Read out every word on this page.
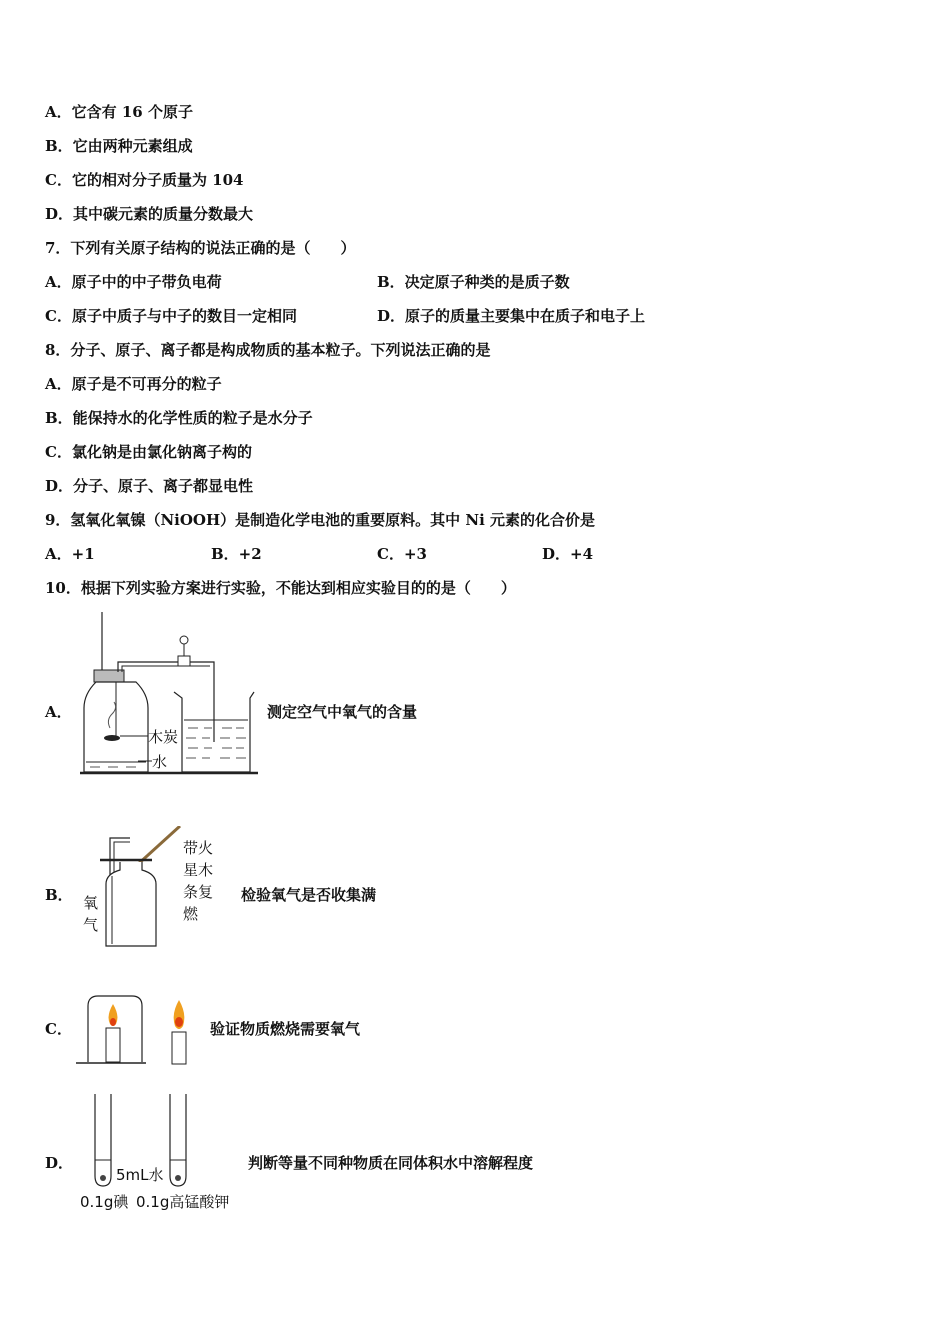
A．它含有 16 个原子
B．它由两种元素组成
C．它的相对分子质量为 104
D．其中碳元素的质量分数最大
7．下列有关原子结构的说法正确的是（　　）
A．原子中的中子带负电荷	B．决定原子种类的是质子数
C．原子中质子与中子的数目一定相同	D．原子的质量主要集中在质子和电子上
8．分子、原子、离子都是构成物质的基本粒子。下列说法正确的是
A．原子是不可再分的粒子
B．能保持水的化学性质的粒子是水分子
C．氯化钠是由氯化钠离子构的
D．分子、原子、离子都显电性
9．氢氧化氧镍（NiOOH）是制造化学电池的重要原料。其中 Ni 元素的化合价是
A．+1	B．+2	C．+3	D．+4
10．根据下列实验方案进行实验，不能达到相应实验目的的是（　　）
A．
木炭
水
测定空气中氧气的含量
B． 氧
气
带火
星木
条复
燃
检验氧气是否收集满
C．	验证物质燃烧需要氧气
D．
5mL水
0.1g碘 0.1g高锰酸钾
判断等量不同种物质在同体积水中溶解程度
